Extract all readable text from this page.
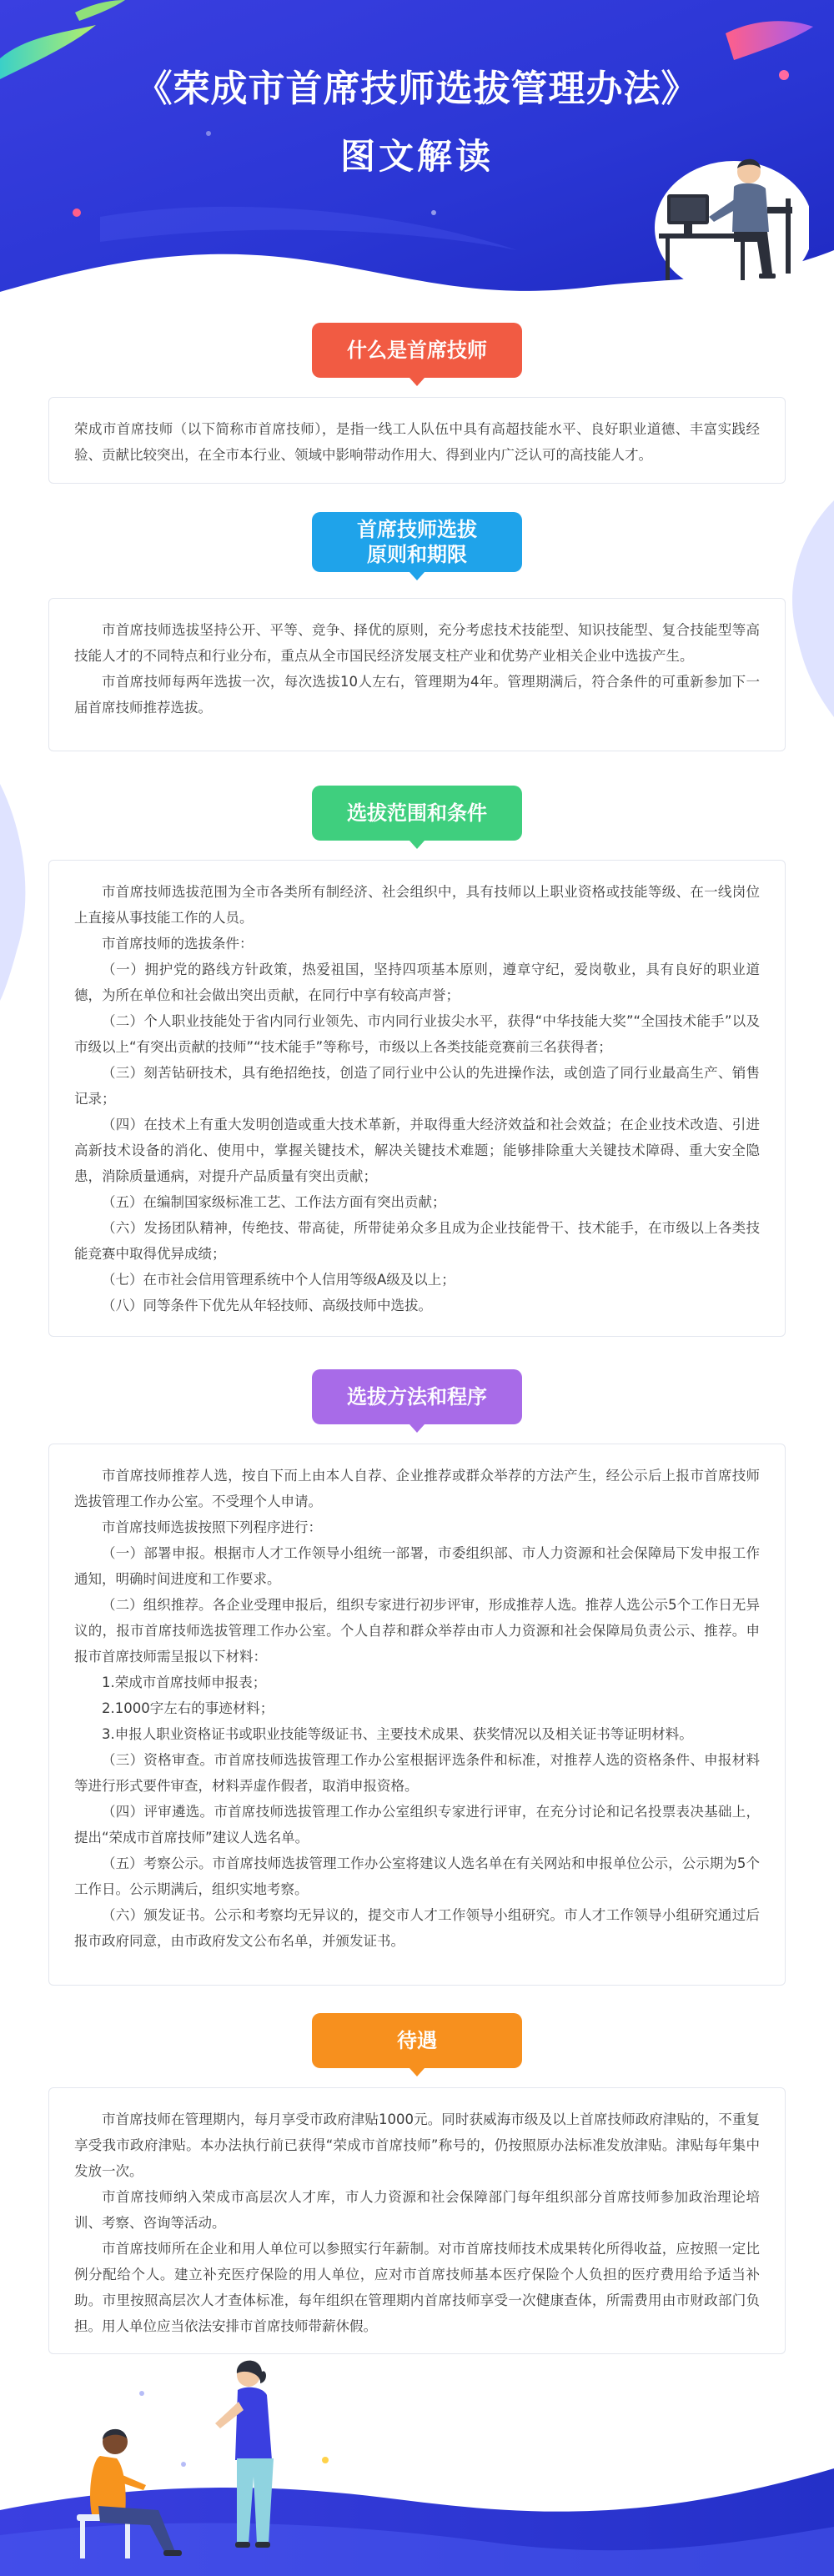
《荣成市首席技师选拔管理办法》
图文解读
什么是首席技师

荣成市首席技师（以下简称市首席技师），是指一线工人队伍中具有高超技能水平、良好职业道德、丰富实践经验、贡献比较突出，在全市本行业、领域中影响带动作用大、得到业内广泛认可的高技能人才。

首席技师选拔
原则和期限

市首席技师选拔坚持公开、平等、竞争、择优的原则，充分考虑技术技能型、知识技能型、复合技能型等高技能人才的不同特点和行业分布，重点从全市国民经济发展支柱产业和优势产业相关企业中选拔产生。

市首席技师每两年选拔一次，每次选拔10人左右，管理期为4年。管理期满后，符合条件的可重新参加下一届首席技师推荐选拔。

选拔范围和条件

市首席技师选拔范围为全市各类所有制经济、社会组织中，具有技师以上职业资格或技能等级、在一线岗位上直接从事技能工作的人员。

市首席技师的选拔条件：

（一）拥护党的路线方针政策，热爱祖国，坚持四项基本原则，遵章守纪，爱岗敬业，具有良好的职业道德，为所在单位和社会做出突出贡献，在同行中享有较高声誉；

（二）个人职业技能处于省内同行业领先、市内同行业拔尖水平，获得“中华技能大奖”“全国技术能手”以及市级以上“有突出贡献的技师”“技术能手”等称号，市级以上各类技能竞赛前三名获得者；

（三）刻苦钻研技术，具有绝招绝技，创造了同行业中公认的先进操作法，或创造了同行业最高生产、销售记录；

（四）在技术上有重大发明创造或重大技术革新，并取得重大经济效益和社会效益；在企业技术改造、引进高新技术设备的消化、使用中，掌握关键技术，解决关键技术难题；能够排除重大关键技术障碍、重大安全隐患，消除质量通病，对提升产品质量有突出贡献；

（五）在编制国家级标准工艺、工作法方面有突出贡献；

（六）发扬团队精神，传绝技、带高徒，所带徒弟众多且成为企业技能骨干、技术能手，在市级以上各类技能竞赛中取得优异成绩；

（七）在市社会信用管理系统中个人信用等级A级及以上；

（八）同等条件下优先从年轻技师、高级技师中选拔。

选拔方法和程序

市首席技师推荐人选，按自下而上由本人自荐、企业推荐或群众举荐的方法产生，经公示后上报市首席技师选拔管理工作办公室。不受理个人申请。

市首席技师选拔按照下列程序进行：

（一）部署申报。根据市人才工作领导小组统一部署，市委组织部、市人力资源和社会保障局下发申报工作通知，明确时间进度和工作要求。

（二）组织推荐。各企业受理申报后，组织专家进行初步评审，形成推荐人选。推荐人选公示5个工作日无异议的，报市首席技师选拔管理工作办公室。个人自荐和群众举荐由市人力资源和社会保障局负责公示、推荐。申报市首席技师需呈报以下材料：

1.荣成市首席技师申报表；

2.1000字左右的事迹材料；

3.申报人职业资格证书或职业技能等级证书、主要技术成果、获奖情况以及相关证书等证明材料。

（三）资格审查。市首席技师选拔管理工作办公室根据评选条件和标准，对推荐人选的资格条件、申报材料等进行形式要件审查，材料弄虚作假者，取消申报资格。

（四）评审遴选。市首席技师选拔管理工作办公室组织专家进行评审，在充分讨论和记名投票表决基础上，提出“荣成市首席技师”建议人选名单。

（五）考察公示。市首席技师选拔管理工作办公室将建议人选名单在有关网站和申报单位公示，公示期为5个工作日。公示期满后，组织实地考察。

（六）颁发证书。公示和考察均无异议的，提交市人才工作领导小组研究。市人才工作领导小组研究通过后报市政府同意，由市政府发文公布名单，并颁发证书。

待遇

市首席技师在管理期内，每月享受市政府津贴1000元。同时获威海市级及以上首席技师政府津贴的，不重复享受我市政府津贴。本办法执行前已获得“荣成市首席技师”称号的，仍按照原办法标准发放津贴。津贴每年集中发放一次。

市首席技师纳入荣成市高层次人才库，市人力资源和社会保障部门每年组织部分首席技师参加政治理论培训、考察、咨询等活动。

市首席技师所在企业和用人单位可以参照实行年薪制。对市首席技师技术成果转化所得收益，应按照一定比例分配给个人。建立补充医疗保险的用人单位，应对市首席技师基本医疗保险个人负担的医疗费用给予适当补助。市里按照高层次人才查体标准，每年组织在管理期内首席技师享受一次健康查体，所需费用由市财政部门负担。用人单位应当依法安排市首席技师带薪休假。
